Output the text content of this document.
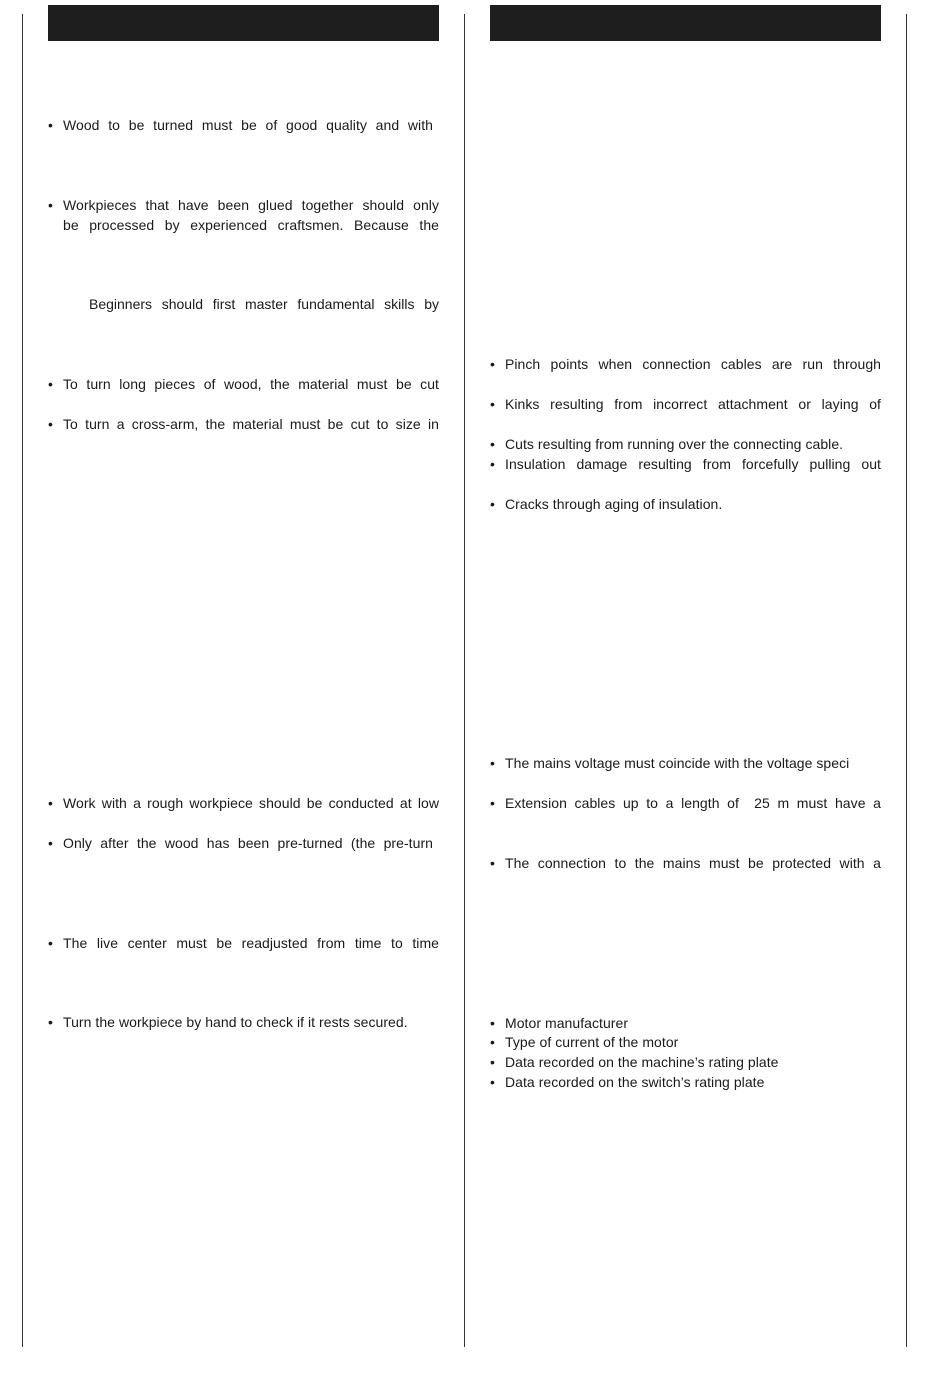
• Wood to be turned must be of good quality and with
• Workpieces that have been glued together should only
be processed by experienced craftsmen. Because the
Beginners should first master fundamental skills by
• To turn long pieces of wood, the material must be cut
• To turn a cross-arm, the material must be cut to size in
• Work with a rough workpiece should be conducted at low
• Only after the wood has been pre-turned (the pre-turn
• The live center must be readjusted from time to time
• Turn the workpiece by hand to check if it rests secured.
• Pinch points when connection cables are run through
• Kinks resulting from incorrect attachment or laying of
• Cuts resulting from running over the connecting cable.
• Insulation damage resulting from forcefully pulling out
• Cracks through aging of insulation.
• The mains voltage must coincide with the voltage speci
• Extension cables up to a length of  25 m must have a
• The connection to the mains must be protected with a
• Motor manufacturer
• Type of current of the motor
• Data recorded on the machine’s rating plate
• Data recorded on the switch’s rating plate
